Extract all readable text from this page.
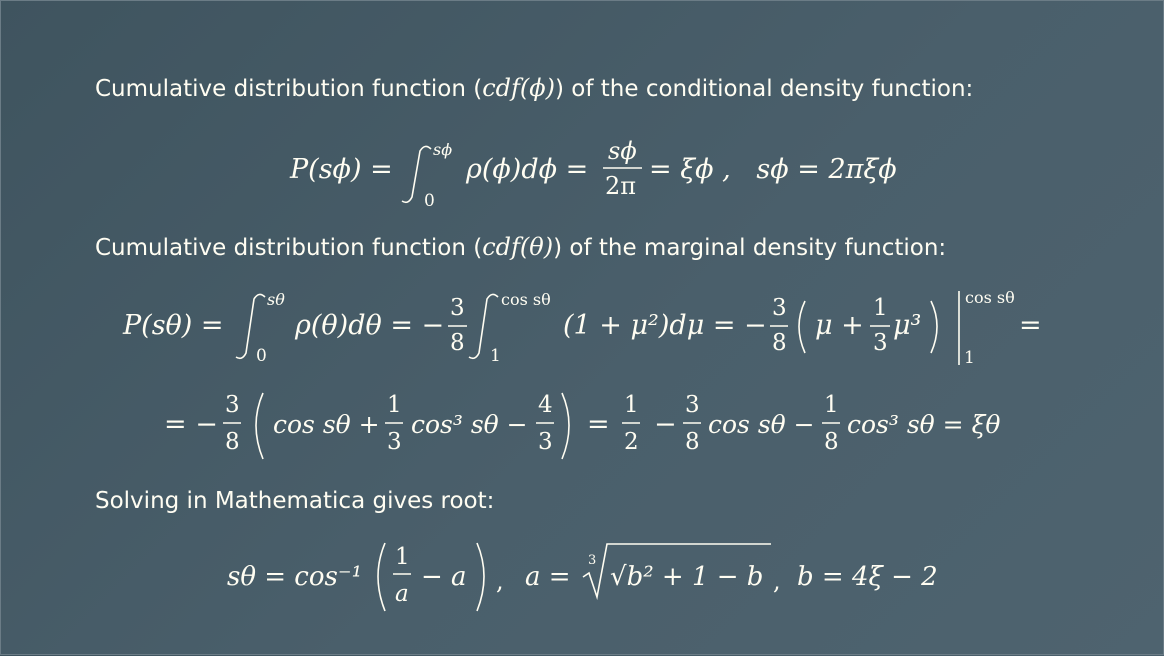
Cumulative distribution function (cdf(ϕ)) of the conditional density function:
Cumulative distribution function (cdf(θ)) of the marginal density function:
Solving in Mathematica gives root:
P(sϕ) =
sϕ
0
ρ(ϕ)dϕ =
sϕ
2π
= ξϕ ,   sϕ = 2πξϕ
P(sθ) =
sθ
0
ρ(θ)dθ = −
3
8
cos sθ
1
(1 + μ²)dμ = −
3
8
μ +
1
3
μ³
cos sθ
1
=
= −
3
8
cos sθ +
1
3
cos³ sθ −
4
3
=
1
2
−
3
8
cos sθ −
1
8
cos³ sθ = ξθ
sθ = cos⁻¹
1
a
− a , a =
3
√b² + 1 − b , b = 4ξ − 2
